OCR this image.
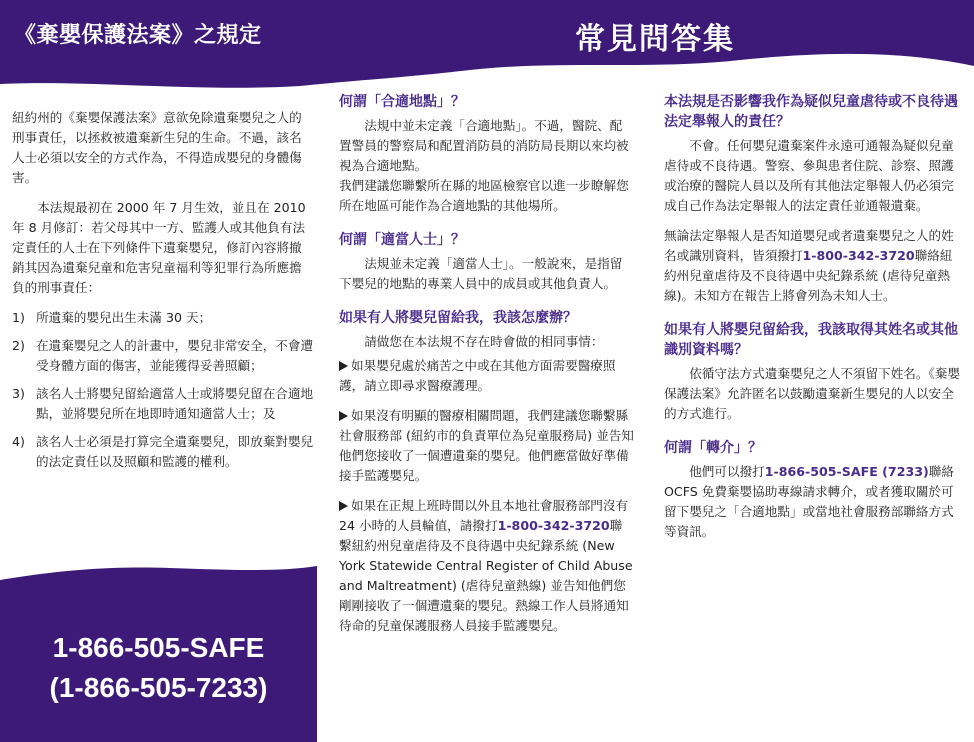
《棄嬰保護法案》之規定	常見問答集

紐約州的《棄嬰保護法案》意欲免除遺棄嬰兒之人的刑事責任，以拯救被遺棄新生兒的生命。不過，該名人士必須以安全的方式作為，不得造成嬰兒的身體傷害。

本法規最初在 2000 年 7 月生效，並且在 2010 年 8 月修訂：若父母其中一方、監護人或其他負有法定責任的人士在下列條件下遺棄嬰兒，修訂內容將撤銷其因為遺棄兒童和危害兒童福利等犯罪行為所應擔負的刑事責任：

1) 所遺棄的嬰兒出生未滿 30 天；
2) 在遺棄嬰兒之人的計畫中，嬰兒非常安全，不會遭受身體方面的傷害，並能獲得妥善照顧；
3) 該名人士將嬰兒留給適當人士或將嬰兒留在合適地點，並將嬰兒所在地即時通知適當人士；及
4) 該名人士必須是打算完全遺棄嬰兒，即放棄對嬰兒的法定責任以及照顧和監護的權利。
1-866-505-SAFE
(1-866-505-7233)
何謂「合適地點」？

法規中並未定義「合適地點」。不過，醫院、配置警員的警察局和配置消防員的消防局長期以來均被視為合適地點。

我們建議您聯繫所在縣的地區檢察官以進一步瞭解您所在地區可能作為合適地點的其他場所。

何謂「適當人士」？

法規並未定義「適當人士」。一般說來，是指留下嬰兒的地點的專業人員中的成員或其他負責人。

如果有人將嬰兒留給我，我該怎麼辦？

請做您在本法規不存在時會做的相同事情：

如果嬰兒處於痛苦之中或在其他方面需要醫療照護，請立即尋求醫療護理。

如果沒有明顯的醫療相關問題，我們建議您聯繫縣社會服務部 (紐約市的負責單位為兒童服務局) 並告知他們您接收了一個遭遺棄的嬰兒。他們應當做好準備接手監護嬰兒。

如果在正規上班時間以外且本地社會服務部門沒有 24 小時的人員輪值，請撥打1-800-342-3720聯繫紐約州兒童虐待及不良待遇中央紀錄系統 (New York Statewide Central Register of Child Abuse and Maltreatment) (虐待兒童熱線) 並告知他們您剛剛接收了一個遭遺棄的嬰兒。熱線工作人員將通知待命的兒童保護服務人員接手監護嬰兒。

本法規是否影響我作為疑似兒童虐待或不良待遇法定舉報人的責任？

不會。任何嬰兒遺棄案件永遠可通報為疑似兒童虐待或不良待遇。警察、參與患者住院、診察、照護或治療的醫院人員以及所有其他法定舉報人仍必須完成自己作為法定舉報人的法定責任並通報遺棄。

無論法定舉報人是否知道嬰兒或者遺棄嬰兒之人的姓名或識別資料，皆須撥打1-800-342-3720聯絡紐約州兒童虐待及不良待遇中央紀錄系統 (虐待兒童熱線)。未知方在報告上將會列為未知人士。

如果有人將嬰兒留給我，我該取得其姓名或其他識別資料嗎？

依循守法方式遺棄嬰兒之人不須留下姓名。《棄嬰保護法案》允許匿名以鼓勵遺棄新生嬰兒的人以安全的方式進行。

何謂「轉介」？

他們可以撥打1-866-505-SAFE (7233)聯絡 OCFS 免費棄嬰協助專線請求轉介，或者獲取關於可留下嬰兒之「合適地點」或當地社會服務部聯絡方式等資訊。
